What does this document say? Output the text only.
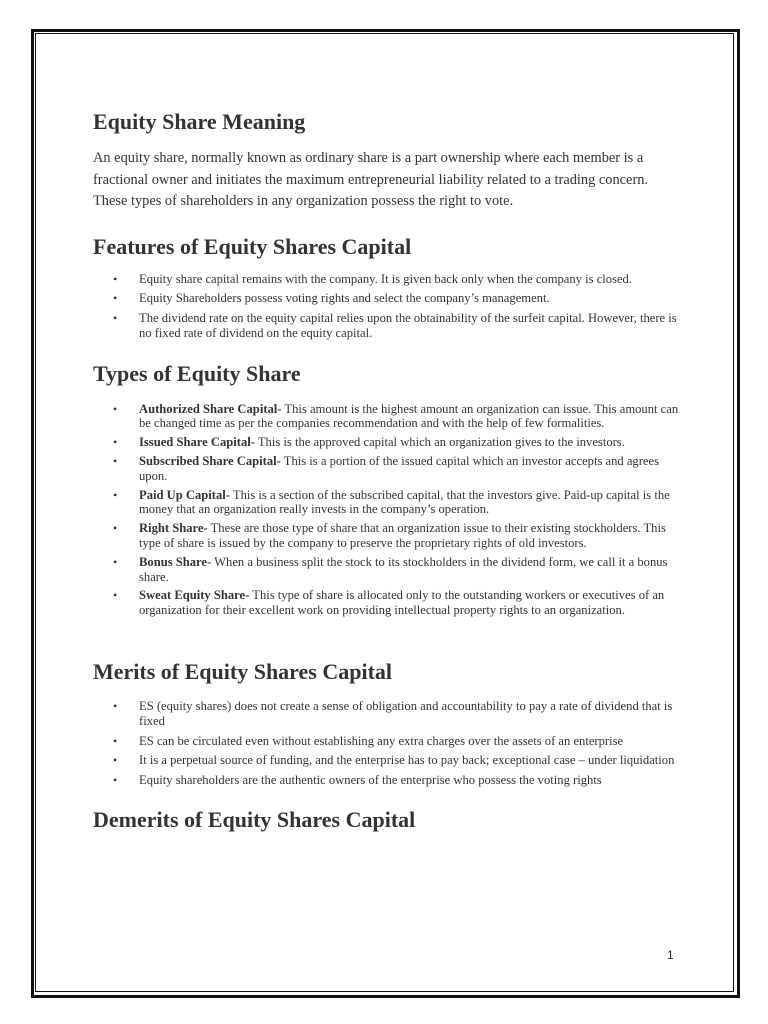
Equity Share Meaning

An equity share, normally known as ordinary share is a part ownership where each member is a fractional owner and initiates the maximum entrepreneurial liability related to a trading concern. These types of shareholders in any organization possess the right to vote.

Features of Equity Shares Capital
• Equity share capital remains with the company. It is given back only when the company is closed.
• Equity Shareholders possess voting rights and select the company’s management.
• The dividend rate on the equity capital relies upon the obtainability of the surfeit capital. However, there is no fixed rate of dividend on the equity capital.
Types of Equity Share
• Authorized Share Capital- This amount is the highest amount an organization can issue. This amount can be changed time as per the companies recommendation and with the help of few formalities.
• Issued Share Capital- This is the approved capital which an organization gives to the investors.
• Subscribed Share Capital- This is a portion of the issued capital which an investor accepts and agrees upon.
• Paid Up Capital- This is a section of the subscribed capital, that the investors give. Paid-up capital is the money that an organization really invests in the company’s operation.
• Right Share- These are those type of share that an organization issue to their existing stockholders. This type of share is issued by the company to preserve the proprietary rights of old investors.
• Bonus Share- When a business split the stock to its stockholders in the dividend form, we call it a bonus share.
• Sweat Equity Share- This type of share is allocated only to the outstanding workers or executives of an organization for their excellent work on providing intellectual property rights to an organization.
Merits of Equity Shares Capital
• ES (equity shares) does not create a sense of obligation and accountability to pay a rate of dividend that is fixed
• ES can be circulated even without establishing any extra charges over the assets of an enterprise
• It is a perpetual source of funding, and the enterprise has to pay back; exceptional case – under liquidation
• Equity shareholders are the authentic owners of the enterprise who possess the voting rights
Demerits of Equity Shares Capital
1
